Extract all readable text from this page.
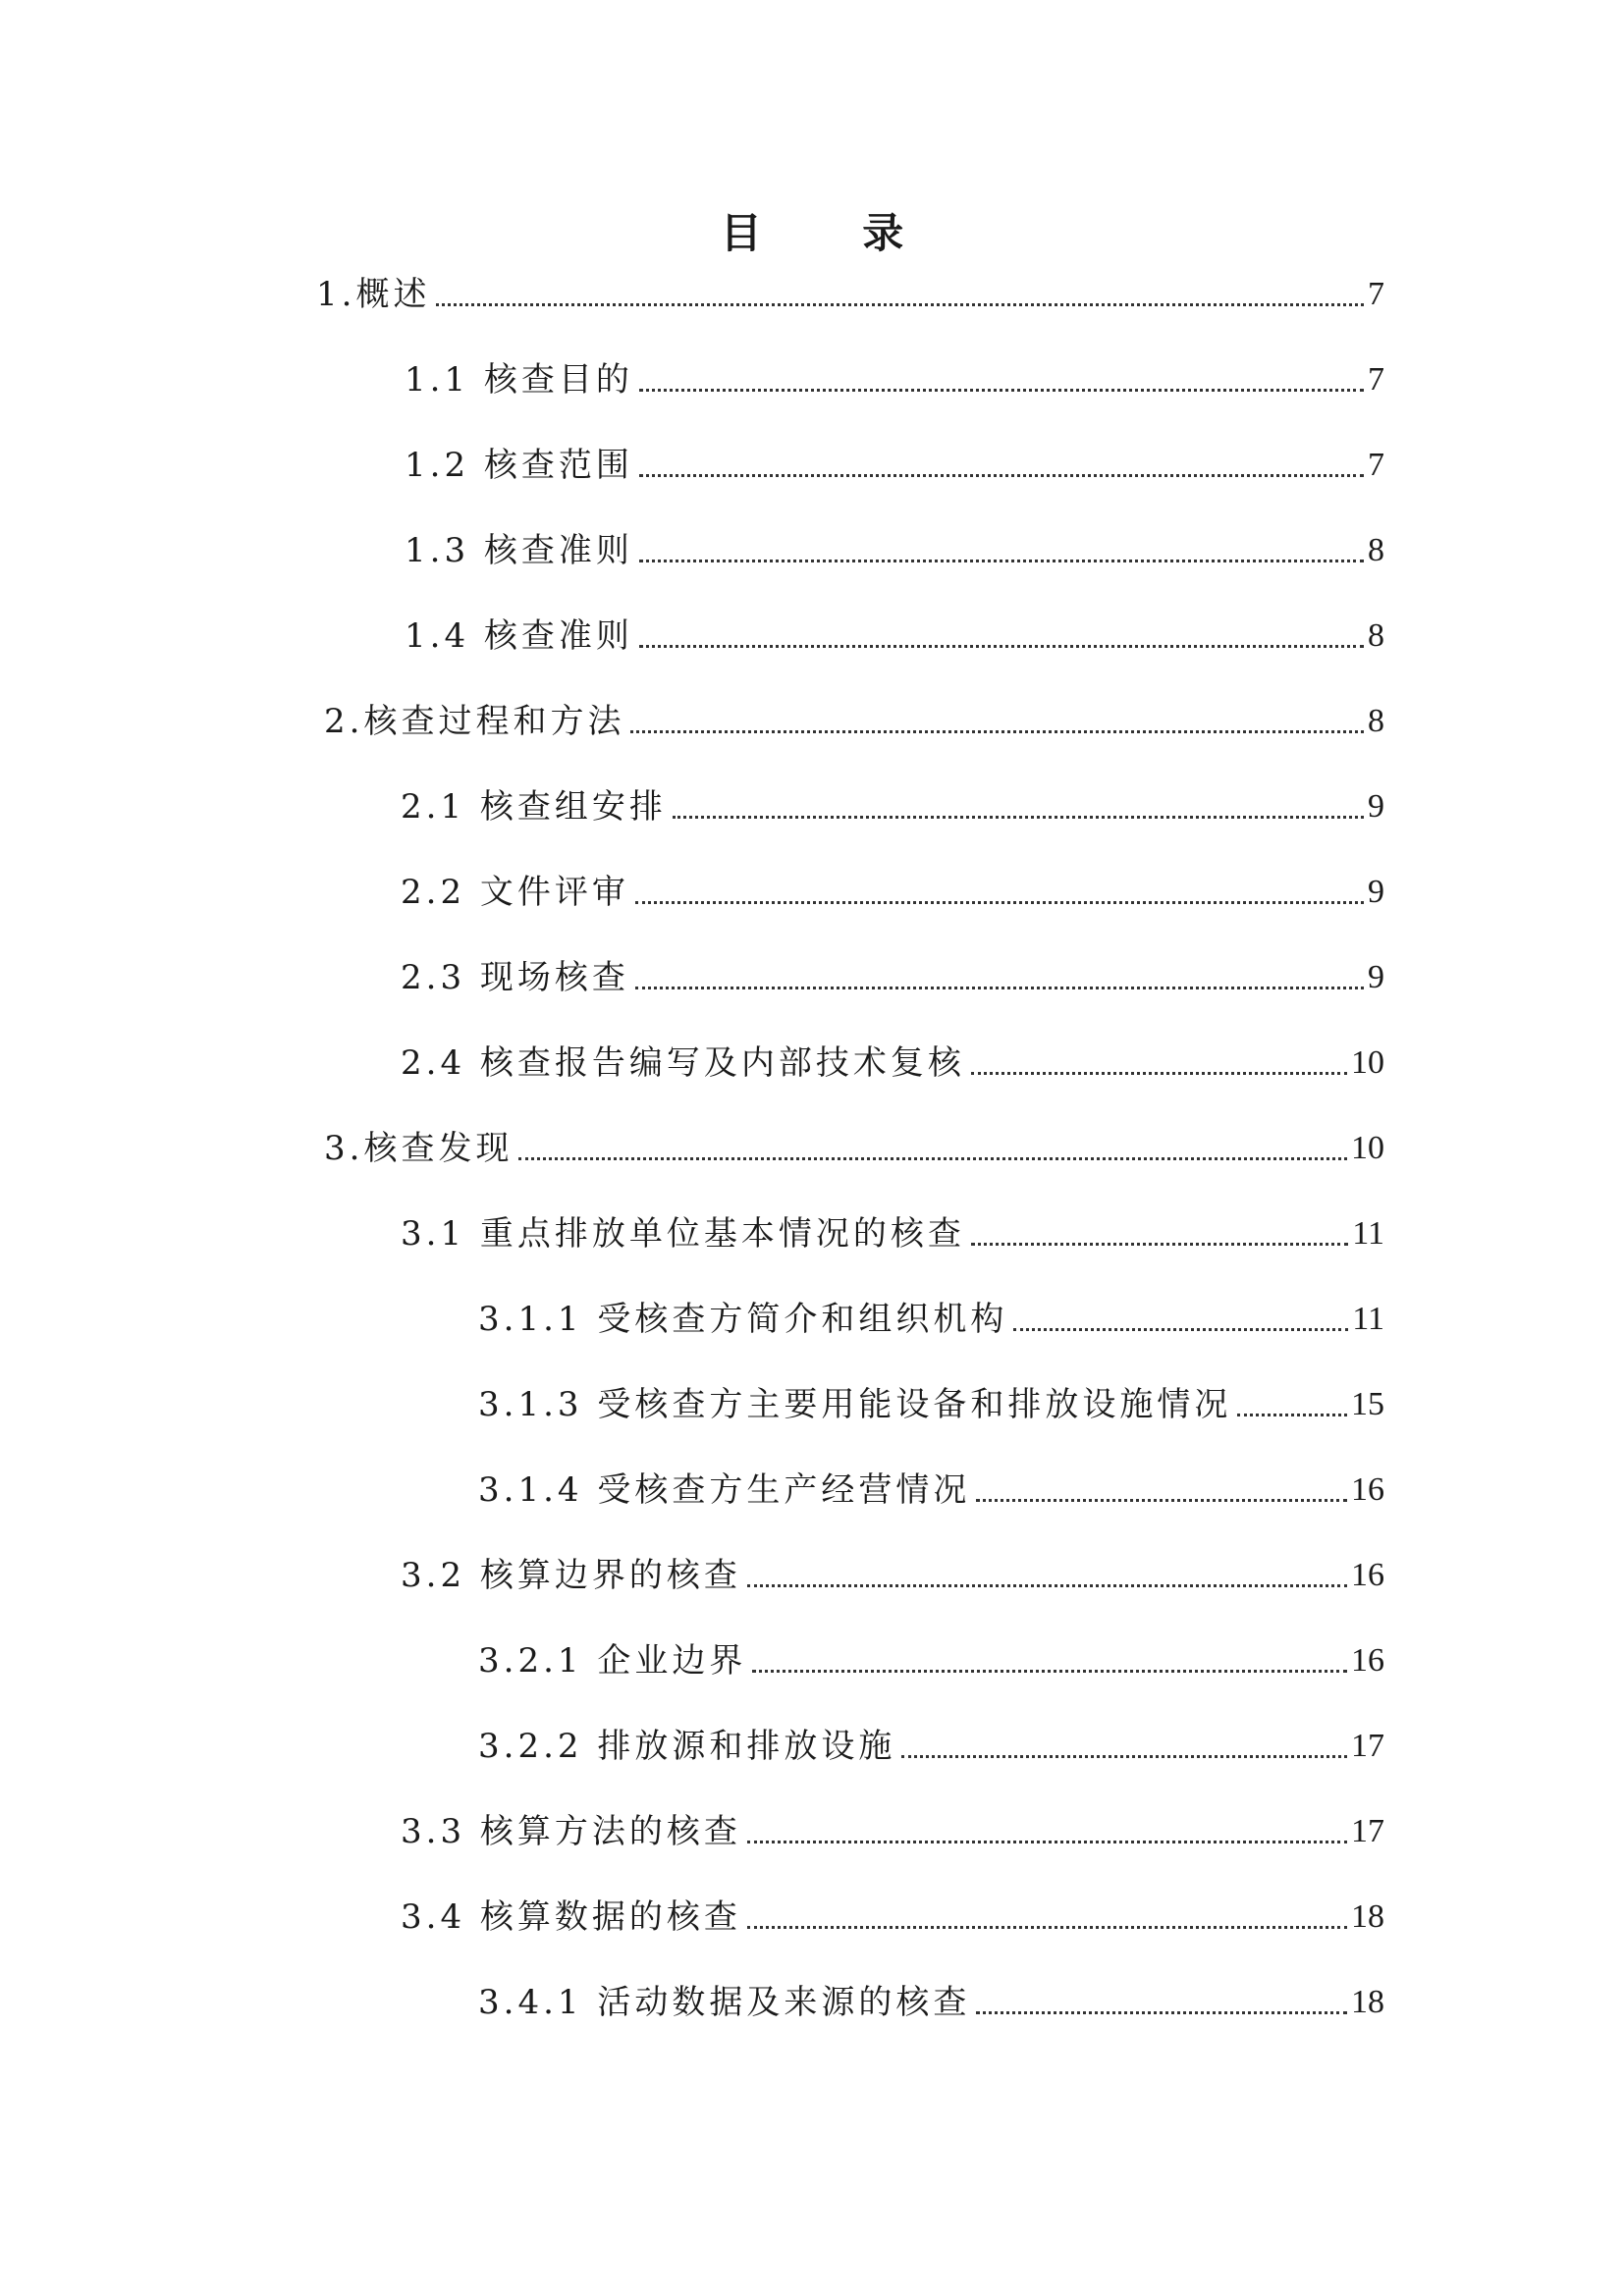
目 录
1.概述	7
1.1 核查目的	7
1.2 核查范围	7
1.3 核查准则	8
1.4 核查准则	8
2.核查过程和方法	8
2.1 核查组安排	9
2.2 文件评审	9
2.3 现场核查	9
2.4 核查报告编写及内部技术复核	10
3.核查发现	10
3.1 重点排放单位基本情况的核查	11
3.1.1 受核查方简介和组织机构	11
3.1.3 受核查方主要用能设备和排放设施情况	15
3.1.4 受核查方生产经营情况	16
3.2 核算边界的核查	16
3.2.1 企业边界	16
3.2.2 排放源和排放设施	17
3.3 核算方法的核查	17
3.4 核算数据的核查	18
3.4.1 活动数据及来源的核查	18
